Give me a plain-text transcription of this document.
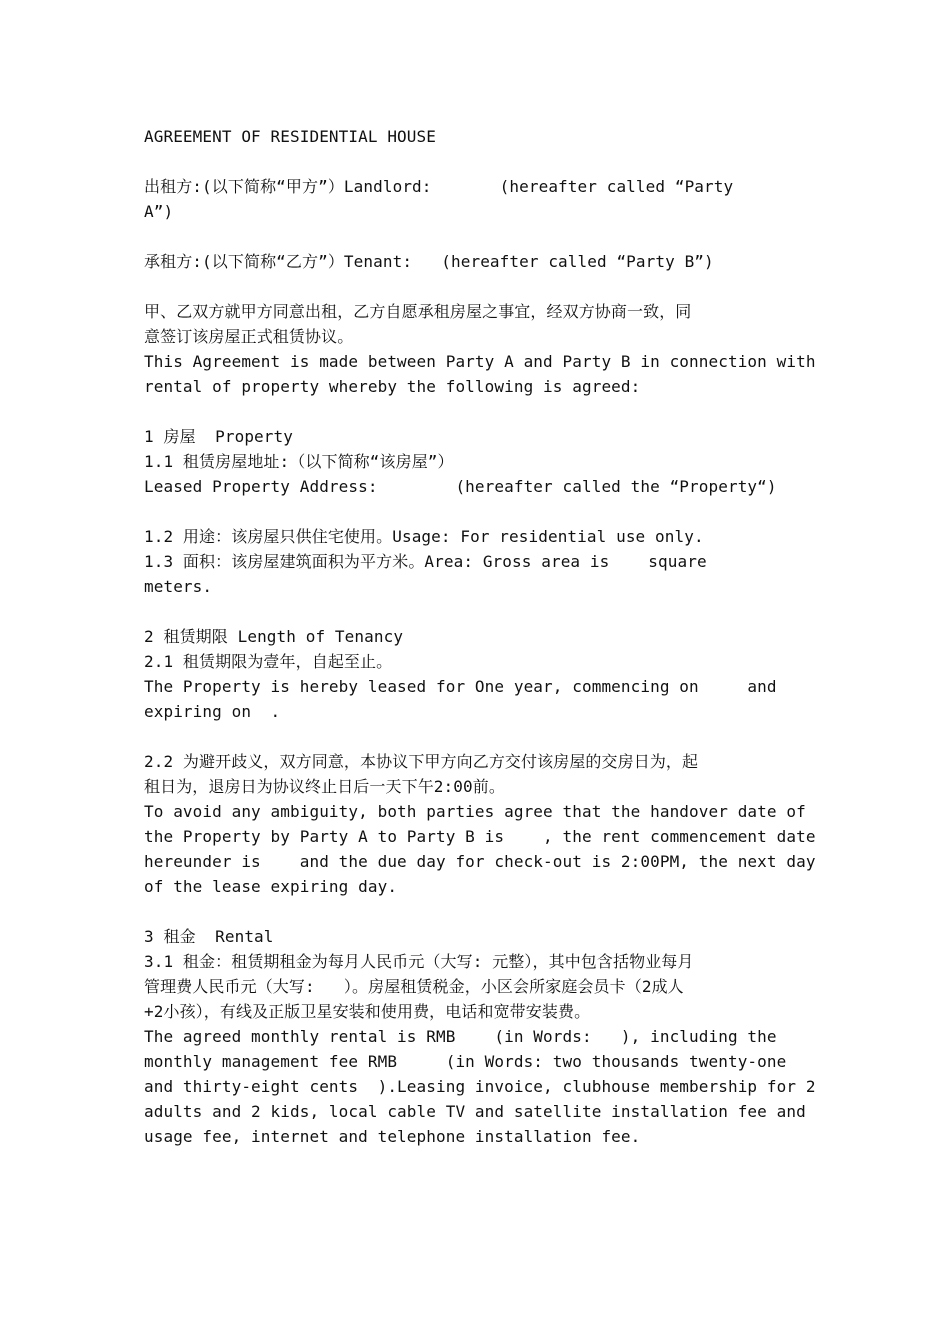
AGREEMENT OF RESIDENTIAL HOUSE
出租方:(以下简称“甲方”）Landlord:       (hereafter called “Party
A”)
承租方:(以下简称“乙方”）Tenant:   (hereafter called “Party B”)
甲、乙双方就甲方同意出租，乙方自愿承租房屋之事宜，经双方协商一致，同
意签订该房屋正式租赁协议。
This Agreement is made between Party A and Party B in connection with
rental of property whereby the following is agreed:
1 房屋  Property
1.1 租赁房屋地址:（以下简称“该房屋”）
Leased Property Address:        (hereafter called the “Property“)
1.2 用途：该房屋只供住宅使用。Usage: For residential use only.
1.3 面积：该房屋建筑面积为平方米。Area: Gross area is    square
meters.
2 租赁期限 Length of Tenancy
2.1 租赁期限为壹年，自起至止。
The Property is hereby leased for One year, commencing on     and
expiring on  .
2.2 为避开歧义，双方同意，本协议下甲方向乙方交付该房屋的交房日为，起
租日为，退房日为协议终止日后一天下午2:00前。
To avoid any ambiguity, both parties agree that the handover date of
the Property by Party A to Party B is    , the rent commencement date
hereunder is    and the due day for check-out is 2:00PM, the next day
of the lease expiring day.
3 租金  Rental
3.1 租金：租赁期租金为每月人民币元（大写: 元整），其中包含括物业每月
管理费人民币元（大写:   ）。房屋租赁税金，小区会所家庭会员卡（2成人
+2小孩），有线及正版卫星安装和使用费，电话和宽带安装费。
The agreed monthly rental is RMB    (in Words:   ), including the
monthly management fee RMB     (in Words: two thousands twenty-one
and thirty-eight cents  ).Leasing invoice, clubhouse membership for 2
adults and 2 kids, local cable TV and satellite installation fee and
usage fee, internet and telephone installation fee.
